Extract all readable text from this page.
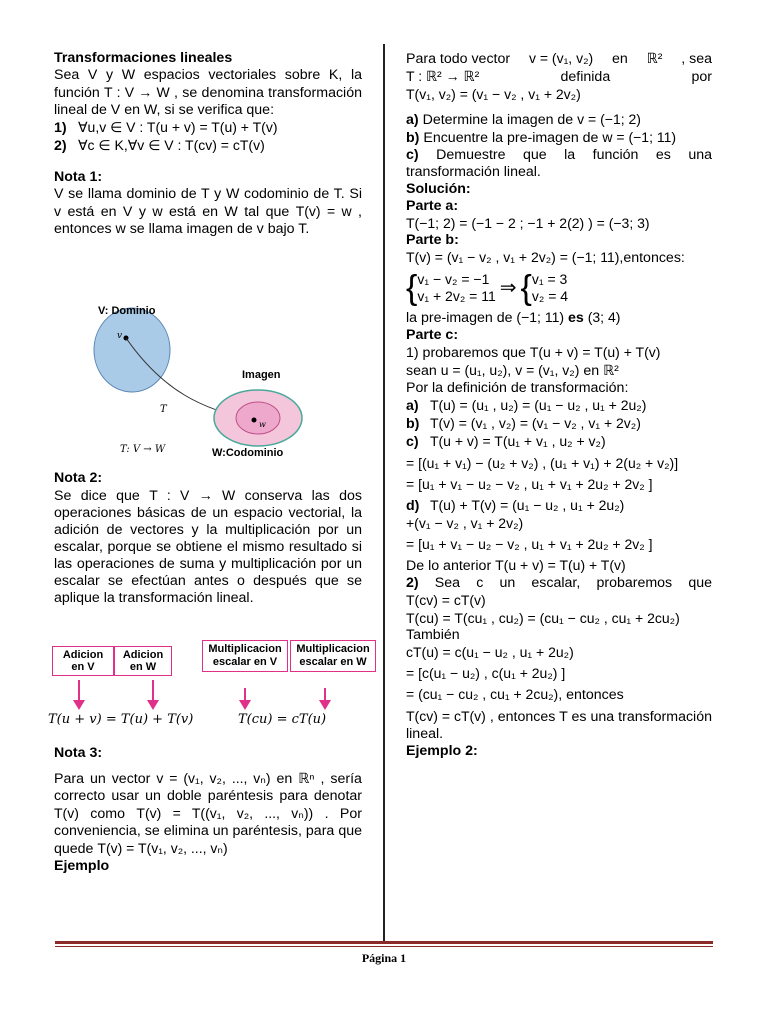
Transformaciones lineales
Sea V y W espacios vectoriales sobre K, la función T : V → W , se denomina transformación lineal de V en W, si se verifica que:
1) ∀u,v ∈ V : T(u + v) = T(u) + T(v)
2) ∀c ∈ K,∀v ∈ V : T(cv) = cT(v)
Nota 1:
V se llama dominio de T y W codominio de T. Si v está en V y w está en W tal que T(v) = w , entonces w se llama imagen de v bajo T.
V: Dominio
v
T
w
Imagen
T: V → W	W:Codominio
Nota 2:
Se dice que T : V → W conserva las dos operaciones básicas de un espacio vectorial, la adición de vectores y la multiplicación por un escalar, porque se obtiene el mismo resultado si las operaciones de suma y multiplicación por un escalar se efectúan antes o después que se aplique la transformación lineal.
Adicion en V
Adicion en W
Multiplicacion escalar en V
Multiplicacion escalar en W
T(u + v) = T(u) + T(v)	T(cu) = cT(u)
Nota 3:
Para un vector v = (v₁, v₂, ..., vₙ) en ℝⁿ , sería correcto usar un doble paréntesis para denotar T(v) como T(v) = T((v₁, v₂, ..., vₙ)) . Por conveniencia, se elimina un paréntesis, para que quede T(v) = T(v₁, v₂, ..., vₙ)
Ejemplo
Para todo vector v = (v₁, v₂) en ℝ² , sea
T : ℝ² → ℝ²	definida	por
T(v₁, v₂) = (v₁ − v₂ , v₁ + 2v₂)
a) Determine la imagen de v = (−1; 2)
b) Encuentre la pre-imagen de w = (−1; 11)
c) Demuestre que la función es una transformación lineal.
Solución:
Parte a:
T(−1; 2) = (−1 − 2 ; −1 + 2(2) ) = (−3; 3)
Parte b:
T(v) = (v₁ − v₂ , v₁ + 2v₂) = (−1; 11),entonces:
{ v₁ − v₂ = −1
v₁ + 2v₂ = 11 ⇒ { v₁ = 3
v₂ = 4
la pre-imagen de (−1; 11) es (3; 4)
Parte c:
1) probaremos que T(u + v) = T(u) + T(v)
sean u = (u₁, u₂), v = (v₁, v₂) en ℝ²
Por la definición de transformación:
a) T(u) = (u₁ , u₂) = (u₁ − u₂ , u₁ + 2u₂)
b) T(v) = (v₁ , v₂) = (v₁ − v₂ , v₁ + 2v₂)
c) T(u + v) = T(u₁ + v₁ , u₂ + v₂)
= [(u₁ + v₁) − (u₂ + v₂) , (u₁ + v₁) + 2(u₂ + v₂)]
= [u₁ + v₁ − u₂ − v₂ , u₁ + v₁ + 2u₂ + 2v₂ ]
d) T(u) + T(v) = (u₁ − u₂ , u₁ + 2u₂)
+(v₁ − v₂ , v₁ + 2v₂)
= [u₁ + v₁ − u₂ − v₂ , u₁ + v₁ + 2u₂ + 2v₂ ]
De lo anterior T(u + v) = T(u) + T(v)
2) Sea c un escalar, probaremos que T(cv) = cT(v)
T(cu) = T(cu₁ , cu₂) = (cu₁ − cu₂ , cu₁ + 2cu₂)
También
cT(u) = c(u₁ − u₂ , u₁ + 2u₂)
= [c(u₁ − u₂) , c(u₁ + 2u₂) ]
= (cu₁ − cu₂ , cu₁ + 2cu₂), entonces
T(cv) = cT(v) , entonces T es una transformación lineal.
Ejemplo 2:
Página 1
